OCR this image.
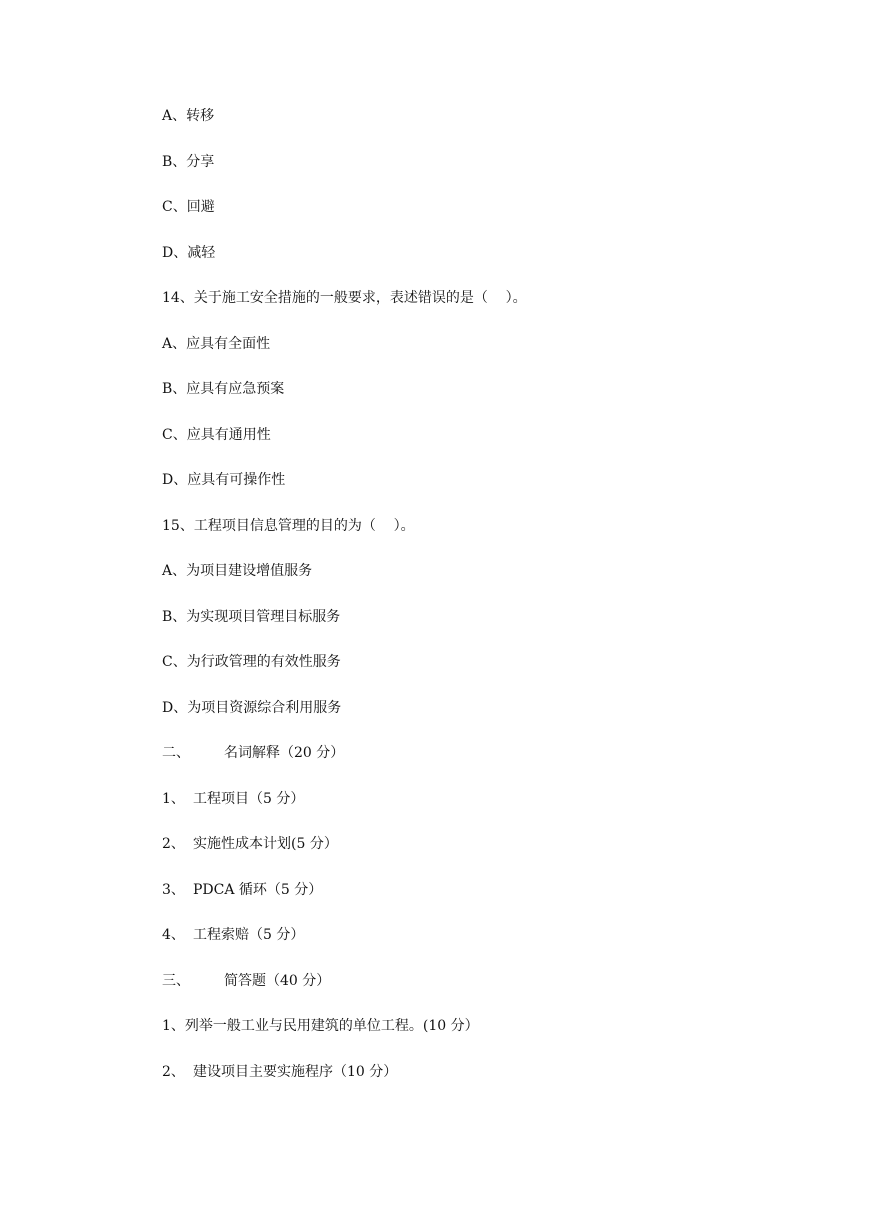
A、转移
B、分享
C、回避
D、减轻
14、关于施工安全措施的一般要求，表述错误的是（    ）。
A、应具有全面性
B、应具有应急预案
C、应具有通用性
D、应具有可操作性
15、工程项目信息管理的目的为（    ）。
A、为项目建设增值服务
B、为实现项目管理目标服务
C、为行政管理的有效性服务
D、为项目资源综合利用服务
二、 名词解释（20 分）
1、 工程项目（5 分）
2、 实施性成本计划(5 分）
3、 PDCA 循环（5 分）
4、 工程索赔（5 分）
三、 简答题（40 分）
1、列举一般工业与民用建筑的单位工程。(10 分）
2、 建设项目主要实施程序（10 分）
